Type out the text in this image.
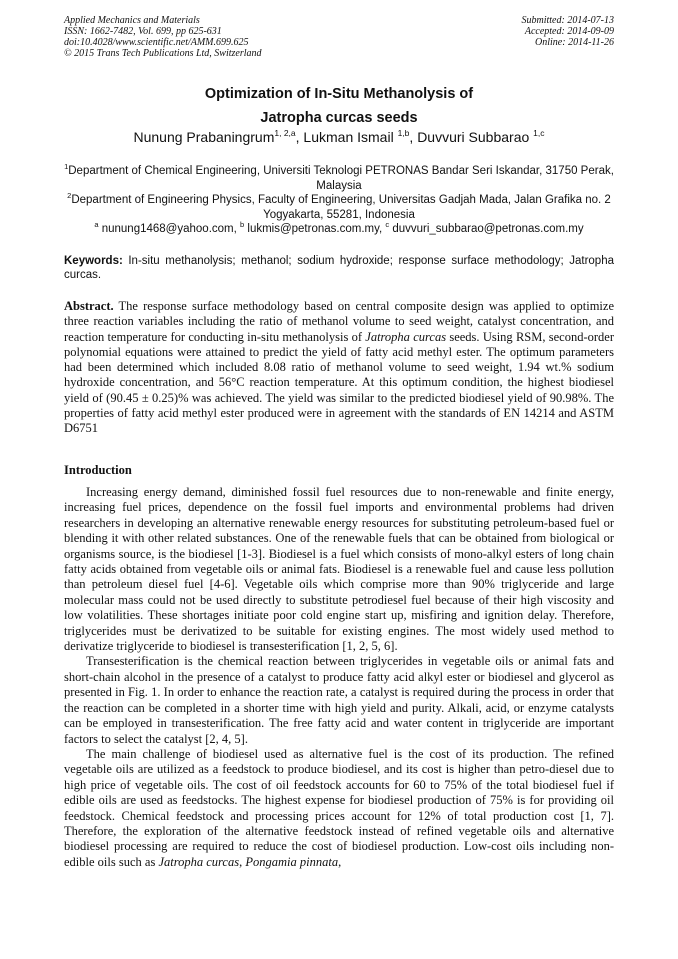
Applied Mechanics and Materials
ISSN: 1662-7482, Vol. 699, pp 625-631
doi:10.4028/www.scientific.net/AMM.699.625
© 2015 Trans Tech Publications Ltd, Switzerland
Submitted: 2014-07-13
Accepted: 2014-09-09
Online: 2014-11-26
Optimization of In-Situ Methanolysis of
Jatropha curcas seeds
Nunung Prabaningrum$^{1, 2,a}$, Lukman Ismail $^{1,b}$, Duvvuri Subbarao $^{1,c}$

$^1$Department of Chemical Engineering, Universiti Teknologi PETRONAS Bandar Seri Iskandar, 31750 Perak, Malaysia

$^2$Department of Engineering Physics, Faculty of Engineering, Universitas Gadjah Mada, Jalan Grafika no. 2 Yogyakarta, 55281, Indonesia

$^a$ nunung1468@yahoo.com, $^b$ lukmis@petronas.com.my, $^c$ duvvuri_subbarao@petronas.com.my

Keywords: In-situ methanolysis; methanol; sodium hydroxide; response surface methodology; Jatropha curcas.
Abstract. The response surface methodology based on central composite design was applied to optimize three reaction variables including the ratio of methanol volume to seed weight, catalyst concentration, and reaction temperature for conducting in-situ methanolysis of Jatropha curcas seeds. Using RSM, second-order polynomial equations were attained to predict the yield of fatty acid methyl ester. The optimum parameters had been determined which included 8.08 ratio of methanol volume to seed weight, 1.94 wt.% sodium hydroxide concentration, and 56°C reaction temperature. At this optimum condition, the highest biodiesel yield of (90.45 ± 0.25)% was achieved. The yield was similar to the predicted biodiesel yield of 90.98%. The properties of fatty acid methyl ester produced were in agreement with the standards of EN 14214 and ASTM D6751
Introduction

Increasing energy demand, diminished fossil fuel resources due to non-renewable and finite energy, increasing fuel prices, dependence on the fossil fuel imports and environmental problems had driven researchers in developing an alternative renewable energy resources for substituting petroleum-based fuel or blending it with other related substances. One of the renewable fuels that can be obtained from biological or organisms source, is the biodiesel [1-3]. Biodiesel is a fuel which consists of mono-alkyl esters of long chain fatty acids obtained from vegetable oils or animal fats. Biodiesel is a renewable fuel and cause less pollution than petroleum diesel fuel [4-6]. Vegetable oils which comprise more than 90% triglyceride and large molecular mass could not be used directly to substitute petrodiesel fuel because of their high viscosity and low volatilities. These shortages initiate poor cold engine start up, misfiring and ignition delay. Therefore, triglycerides must be derivatized to be suitable for existing engines. The most widely used method to derivatize triglyceride to biodiesel is transesterification [1, 2, 5, 6].

Transesterification is the chemical reaction between triglycerides in vegetable oils or animal fats and short-chain alcohol in the presence of a catalyst to produce fatty acid alkyl ester or biodiesel and glycerol as presented in Fig. 1. In order to enhance the reaction rate, a catalyst is required during the process in order that the reaction can be completed in a shorter time with high yield and purity. Alkali, acid, or enzyme catalysts can be employed in transesterification. The free fatty acid and water content in triglyceride are important factors to select the catalyst [2, 4, 5].

The main challenge of biodiesel used as alternative fuel is the cost of its production. The refined vegetable oils are utilized as a feedstock to produce biodiesel, and its cost is higher than petro-diesel due to high price of vegetable oils. The cost of oil feedstock accounts for 60 to 75% of the total biodiesel fuel if edible oils are used as feedstocks. The highest expense for biodiesel production of 75% is for providing oil feedstock. Chemical feedstock and processing prices account for 12% of total production cost [1, 7]. Therefore, the exploration of the alternative feedstock instead of refined vegetable oils and alternative biodiesel processing are required to reduce the cost of biodiesel production. Low-cost oils including non-edible oils such as Jatropha curcas, Pongamia pinnata,
